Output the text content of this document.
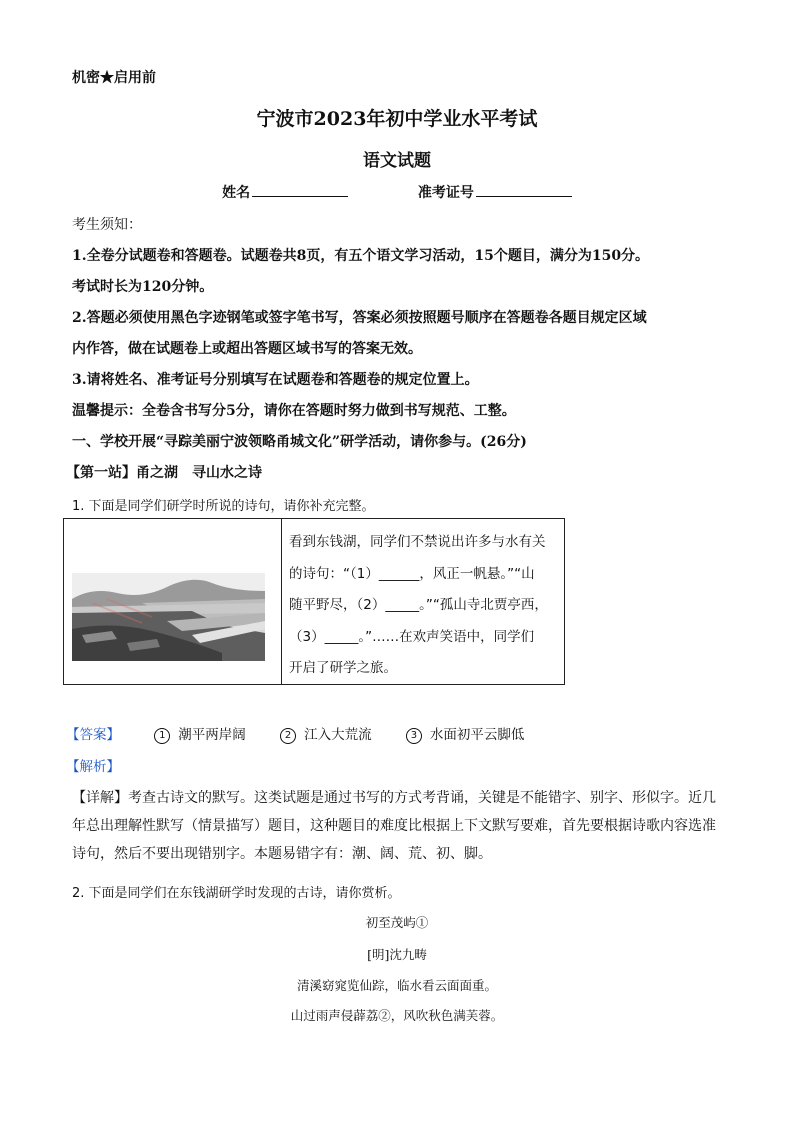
机密★启用前
宁波市2023年初中学业水平考试
语文试题
姓名	准考证号
考生须知：
1.全卷分试题卷和答题卷。试题卷共8页，有五个语文学习活动，15个题目，满分为150分。
考试时长为120分钟。
2.答题必须使用黑色字迹钢笔或签字笔书写，答案必须按照题号顺序在答题卷各题目规定区域
内作答，做在试题卷上或超出答题区域书写的答案无效。
3.请将姓名、准考证号分别填写在试题卷和答题卷的规定位置上。
温馨提示：全卷含书写分5分，请你在答题时努力做到书写规范、工整。
一、学校开展“寻踪美丽宁波领略甬城文化”研学活动，请你参与。(26分)
【第一站】甬之湖　寻山水之诗
1. 下面是同学们研学时所说的诗句，请你补充完整。
看到东钱湖，同学们不禁说出许多与水有关
的诗句：“（1）______，风正一帆悬。”“山
随平野尽，（2）_____。”“孤山寺北贾亭西，
（3）_____。”……在欢声笑语中，同学们
开启了研学之旅。
【答案】	1 潮平两岸阔	2 江入大荒流	3 水面初平云脚低
【解析】
【详解】考查古诗文的默写。这类试题是通过书写的方式考背诵，关键是不能错字、别字、形似字。近几
年总出理解性默写（情景描写）题目，这种题目的难度比根据上下文默写要难，首先要根据诗歌内容选准
诗句，然后不要出现错别字。本题易错字有：潮、阔、荒、初、脚。
2. 下面是同学们在东钱湖研学时发现的古诗，请你赏析。
初至茂屿①
[明]沈九畴
清溪窈窕览仙踪，临水看云面面重。
山过雨声侵薜荔②，风吹秋色满芙蓉。
